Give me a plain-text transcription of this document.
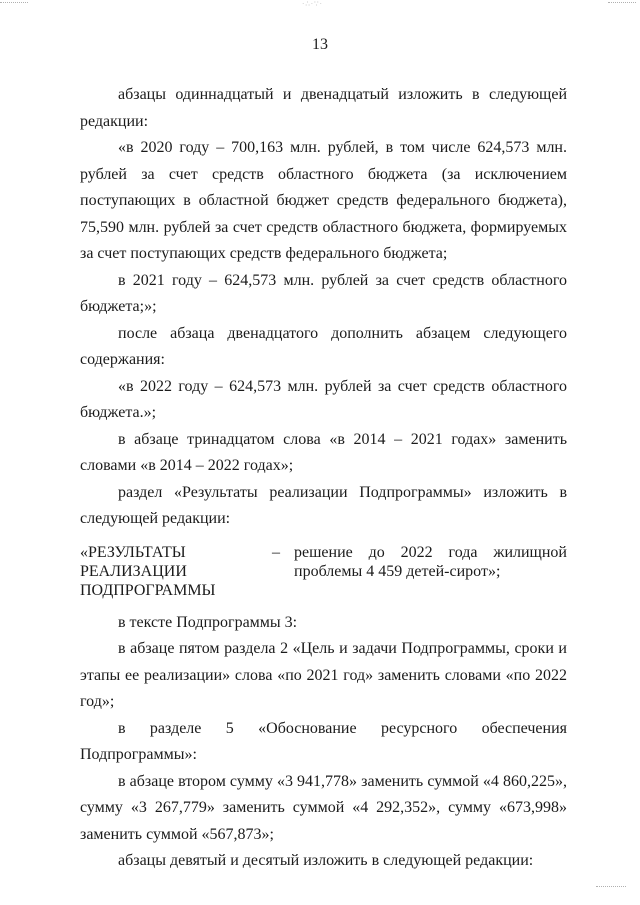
·∴·∵·
13

абзацы одиннадцатый и двенадцатый изложить в следующей редакции:

«в 2020 году – 700,163 млн. рублей, в том числе 624,573 млн. рублей за счет средств областного бюджета (за исключением поступающих в областной бюджет средств федерального бюджета), 75,590 млн. рублей за счет средств областного бюджета, формируемых за счет поступающих средств федерального бюджета;

в 2021 году – 624,573 млн. рублей за счет средств областного бюджета;»;

после абзаца двенадцатого дополнить абзацем следующего содержания:

«в 2022 году – 624,573 млн. рублей за счет средств областного бюджета.»;

в абзаце тринадцатом слова «в 2014 – 2021 годах» заменить словами «в 2014 – 2022 годах»;

раздел «Результаты реализации Подпрограммы» изложить в следующей редакции:

«РЕЗУЛЬТАТЫ РЕАЛИЗАЦИИ ПОДПРОГРАММЫ
– решение до 2022 года жилищной проблемы 4 459 детей-сирот»;

в тексте Подпрограммы 3:

в абзаце пятом раздела 2 «Цель и задачи Подпрограммы, сроки и этапы ее реализации» слова «по 2021 год» заменить словами «по 2022 год»;

в разделе 5 «Обоснование ресурсного обеспечения Подпрограммы»:

в абзаце втором сумму «3 941,778» заменить суммой «4 860,225», сумму «3 267,779» заменить суммой «4 292,352», сумму «673,998» заменить суммой «567,873»;

абзацы девятый и десятый изложить в следующей редакции:
